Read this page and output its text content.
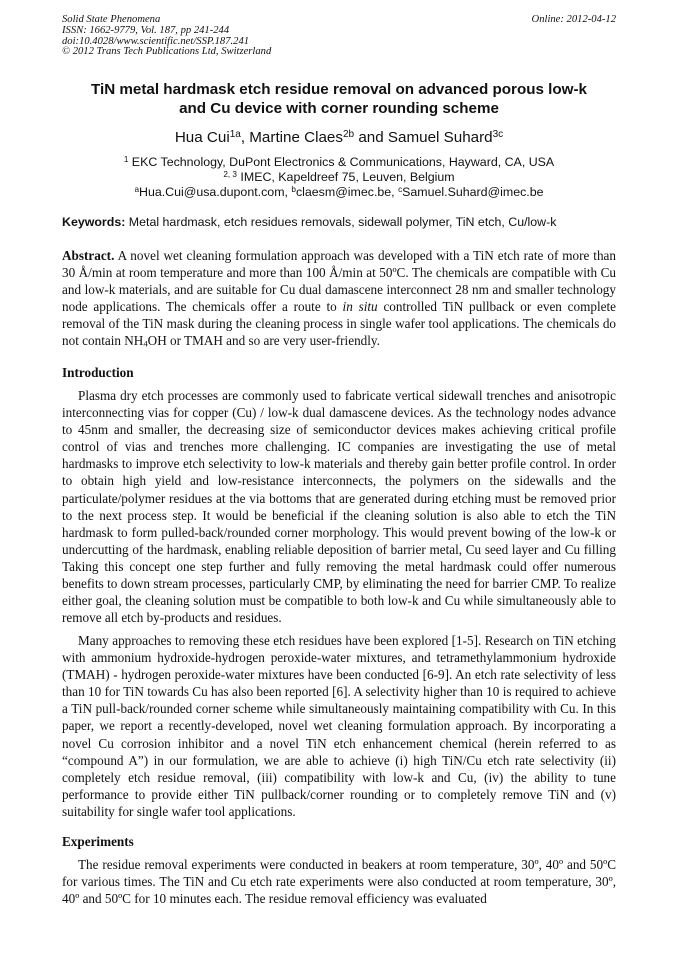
Solid State Phenomena	Online: 2012-04-12
ISSN: 1662-9779, Vol. 187, pp 241-244
doi:10.4028/www.scientific.net/SSP.187.241
© 2012 Trans Tech Publications Ltd, Switzerland
TiN metal hardmask etch residue removal on advanced porous low-k
and Cu device with corner rounding scheme
Hua Cui$^{1a}$, Martine Claes$^{2b}$ and Samuel Suhard$^{3c}$
$^1$ EKC Technology, DuPont Electronics & Communications, Hayward, CA, USA
$^{2, 3}$ IMEC, Kapeldreef 75, Leuven, Belgium
$^a$Hua.Cui@usa.dupont.com, $^b$claesm@imec.be, $^c$Samuel.Suhard@imec.be
Keywords: Metal hardmask, etch residues removals, sidewall polymer, TiN etch, Cu/low-k

Abstract. A novel wet cleaning formulation approach was developed with a TiN etch rate of more than 30 Å/min at room temperature and more than 100 Å/min at 50ºC. The chemicals are compatible with Cu and low-k materials, and are suitable for Cu dual damascene interconnect 28 nm and smaller technology node applications. The chemicals offer a route to in situ controlled TiN pullback or even complete removal of the TiN mask during the cleaning process in single wafer tool applications. The chemicals do not contain $NH_4OH$ or TMAH and so are very user-friendly.

Introduction

Plasma dry etch processes are commonly used to fabricate vertical sidewall trenches and anisotropic interconnecting vias for copper (Cu) / low-k dual damascene devices. As the technology nodes advance to 45nm and smaller, the decreasing size of semiconductor devices makes achieving critical profile control of vias and trenches more challenging. IC companies are investigating the use of metal hardmasks to improve etch selectivity to low-k materials and thereby gain better profile control. In order to obtain high yield and low-resistance interconnects, the polymers on the sidewalls and the particulate/polymer residues at the via bottoms that are generated during etching must be removed prior to the next process step. It would be beneficial if the cleaning solution is also able to etch the TiN hardmask to form pulled-back/rounded corner morphology. This would prevent bowing of the low-k or undercutting of the hardmask, enabling reliable deposition of barrier metal, Cu seed layer and Cu filling Taking this concept one step further and fully removing the metal hardmask could offer numerous benefits to down stream processes, particularly CMP, by eliminating the need for barrier CMP. To realize either goal, the cleaning solution must be compatible to both low-k and Cu while simultaneously able to remove all etch by-products and residues.

Many approaches to removing these etch residues have been explored [1-5]. Research on TiN etching with ammonium hydroxide-hydrogen peroxide-water mixtures, and tetramethylammonium hydroxide (TMAH) - hydrogen peroxide-water mixtures have been conducted [6-9]. An etch rate selectivity of less than 10 for TiN towards Cu has also been reported [6]. A selectivity higher than 10 is required to achieve a TiN pull-back/rounded corner scheme while simultaneously maintaining compatibility with Cu. In this paper, we report a recently-developed, novel wet cleaning formulation approach. By incorporating a novel Cu corrosion inhibitor and a novel TiN etch enhancement chemical (herein referred to as “compound A”) in our formulation, we are able to achieve (i) high TiN/Cu etch rate selectivity (ii) completely etch residue removal, (iii) compatibility with low-k and Cu, (iv) the ability to tune performance to provide either TiN pullback/corner rounding or to completely remove TiN and (v) suitability for single wafer tool applications.

Experiments

The residue removal experiments were conducted in beakers at room temperature, 30º, 40º and 50ºC for various times. The TiN and Cu etch rate experiments were also conducted at room temperature, 30º, 40º and 50ºC for 10 minutes each. The residue removal efficiency was evaluated
